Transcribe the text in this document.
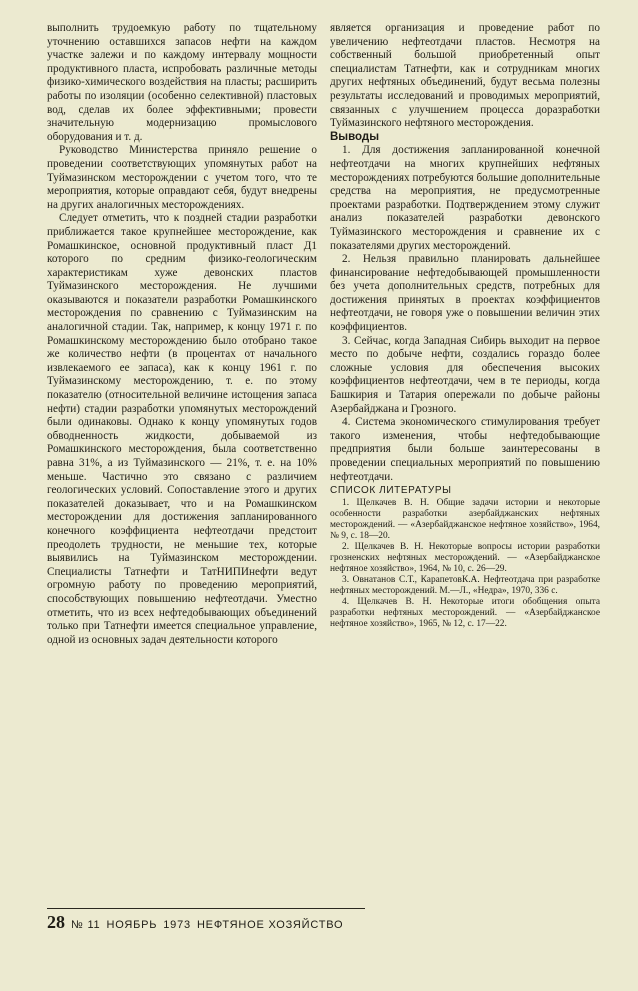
выполнить трудоемкую работу по тщательному уточнению оставшихся запасов нефти на каждом участке залежи и по каждому интервалу мощности продуктивного пласта, испробовать различные методы физико-химического воздействия на пласты; расширить работы по изоляции (особенно селективной) пластовых вод, сделав их более эффективными; провести значительную модернизацию промыслового оборудования и т. д.

Руководство Министерства приняло решение о проведении соответствующих упомянутых работ на Туймазинском месторождении с учетом того, что те мероприятия, которые оправдают себя, будут внедрены на других аналогичных месторождениях.

Следует отметить, что к поздней стадии разработки приближается такое крупнейшее месторождение, как Ромашкинское, основной продуктивный пласт Д1 которого по средним физико-геологическим характеристикам хуже девонских пластов Туймазинского месторождения. Не лучшими оказываются и показатели разработки Ромашкинского месторождения по сравнению с Туймазинским на аналогичной стадии. Так, например, к концу 1971 г. по Ромашкинскому месторождению было отобрано такое же количество нефти (в процентах от начального извлекаемого ее запаса), как к концу 1961 г. по Туймазинскому месторождению, т. е. по этому показателю (относительной величине истощения запаса нефти) стадии разработки упомянутых месторождений были одинаковы. Однако к концу упомянутых годов обводненность жидкости, добываемой из Ромашкинского месторождения, была соответственно равна 31%, а из Туймазинского — 21%, т. е. на 10% меньше. Частично это связано с различием геологических условий. Сопоставление этого и других показателей доказывает, что и на Ромашкинском месторождении для достижения запланированного конечного коэффициента нефтеотдачи предстоит преодолеть трудности, не меньшие тех, которые выявились на Туймазинском месторождении. Специалисты Татнефти и ТатНИПИнефти ведут огромную работу по проведению мероприятий, способствующих повышению нефтеотдачи. Уместно отметить, что из всех нефтедобывающих объединений только при Татнефти имеется специальное управление, одной из основных задач деятельности которого

является организация и проведение работ по увеличению нефтеотдачи пластов. Несмотря на собственный большой приобретенный опыт специалистам Татнефти, как и сотрудникам многих других нефтяных объединений, будут весьма полезны результаты исследований и проводимых мероприятий, связанных с улучшением процесса доразработки Туймазинского нефтяного месторождения.

Выводы

1. Для достижения запланированной конечной нефтеотдачи на многих крупнейших нефтяных месторождениях потребуются большие дополнительные средства на мероприятия, не предусмотренные проектами разработки. Подтверждением этому служит анализ показателей разработки девонского Туймазинского месторождения и сравнение их с показателями других месторождений.

2. Нельзя правильно планировать дальнейшее финансирование нефтедобывающей промышленности без учета дополнительных средств, потребных для достижения принятых в проектах коэффициентов нефтеотдачи, не говоря уже о повышении величин этих коэффициентов.

3. Сейчас, когда Западная Сибирь выходит на первое место по добыче нефти, создались гораздо более сложные условия для обеспечения высоких коэффициентов нефтеотдачи, чем в те периоды, когда Башкирия и Татария опережали по добыче районы Азербайджана и Грозного.

4. Система экономического стимулирования требует такого изменения, чтобы нефтедобывающие предприятия были больше заинтересованы в проведении специальных мероприятий по повышению нефтеотдачи.

СПИСОК ЛИТЕРАТУРЫ

1. Щелкачев В. Н. Общие задачи истории и некоторые особенности разработки азербайджанских нефтяных месторождений. — «Азербайджанское нефтяное хозяйство», 1964, № 9, с. 18—20.

2. Щелкачев В. Н. Некоторые вопросы истории разработки грозненских нефтяных месторождений. — «Азербайджанское нефтяное хозяйство», 1964, № 10, с. 26—29.

3. Овнатанов С.Т., КарапетовК.А. Нефтеотдача при разработке нефтяных месторождений. М.—Л., «Недра», 1970, 336 с.

4. Щелкачев В. Н. Некоторые итоги обобщения опыта разработки нефтяных месторождений. — «Азербайджанское нефтяное хозяйство», 1965, № 12, с. 17—22.

28 № 11 НОЯБРЬ 1973 НЕФТЯНОЕ ХОЗЯЙСТВО
